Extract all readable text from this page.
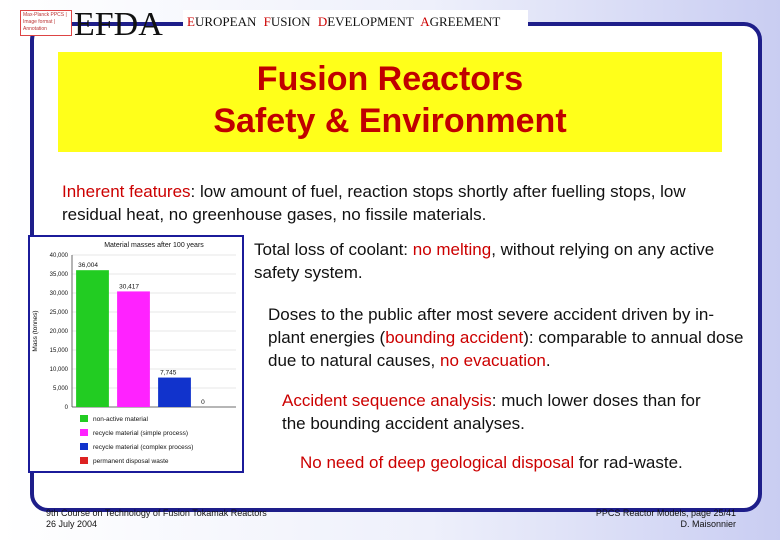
Max-Planck PPCS | Image format | Annotation EFDA	EUROPEAN FUSION DEVELOPMENT AGREEMENT
Fusion Reactors
Safety & Environment
Inherent features: low amount of fuel, reaction stops shortly after fuelling stops, low residual heat, no greenhouse gases, no fissile materials.
Total loss of coolant: no melting, without relying on any active safety system.
Doses to the public after most severe accident driven by in-plant energies (bounding accident): comparable to annual dose due to natural causes, no evacuation.
Accident sequence analysis: much lower doses than for the bounding accident analyses.
No need of deep geological disposal for rad-waste.
Material masses after 100 years
Mass (tonnes)
0
5,000
10,000
15,000
20,000
25,000
30,000
35,000
40,000
36,004
30,417
7,745
0
non-active material
recycle material (simple process)
recycle material (complex process)
permanent disposal waste
9th Course on Technology of Fusion Tokamak Reactors
26 July 2004
PPCS Reactor Models, page 25/41
D. Maisonnier
